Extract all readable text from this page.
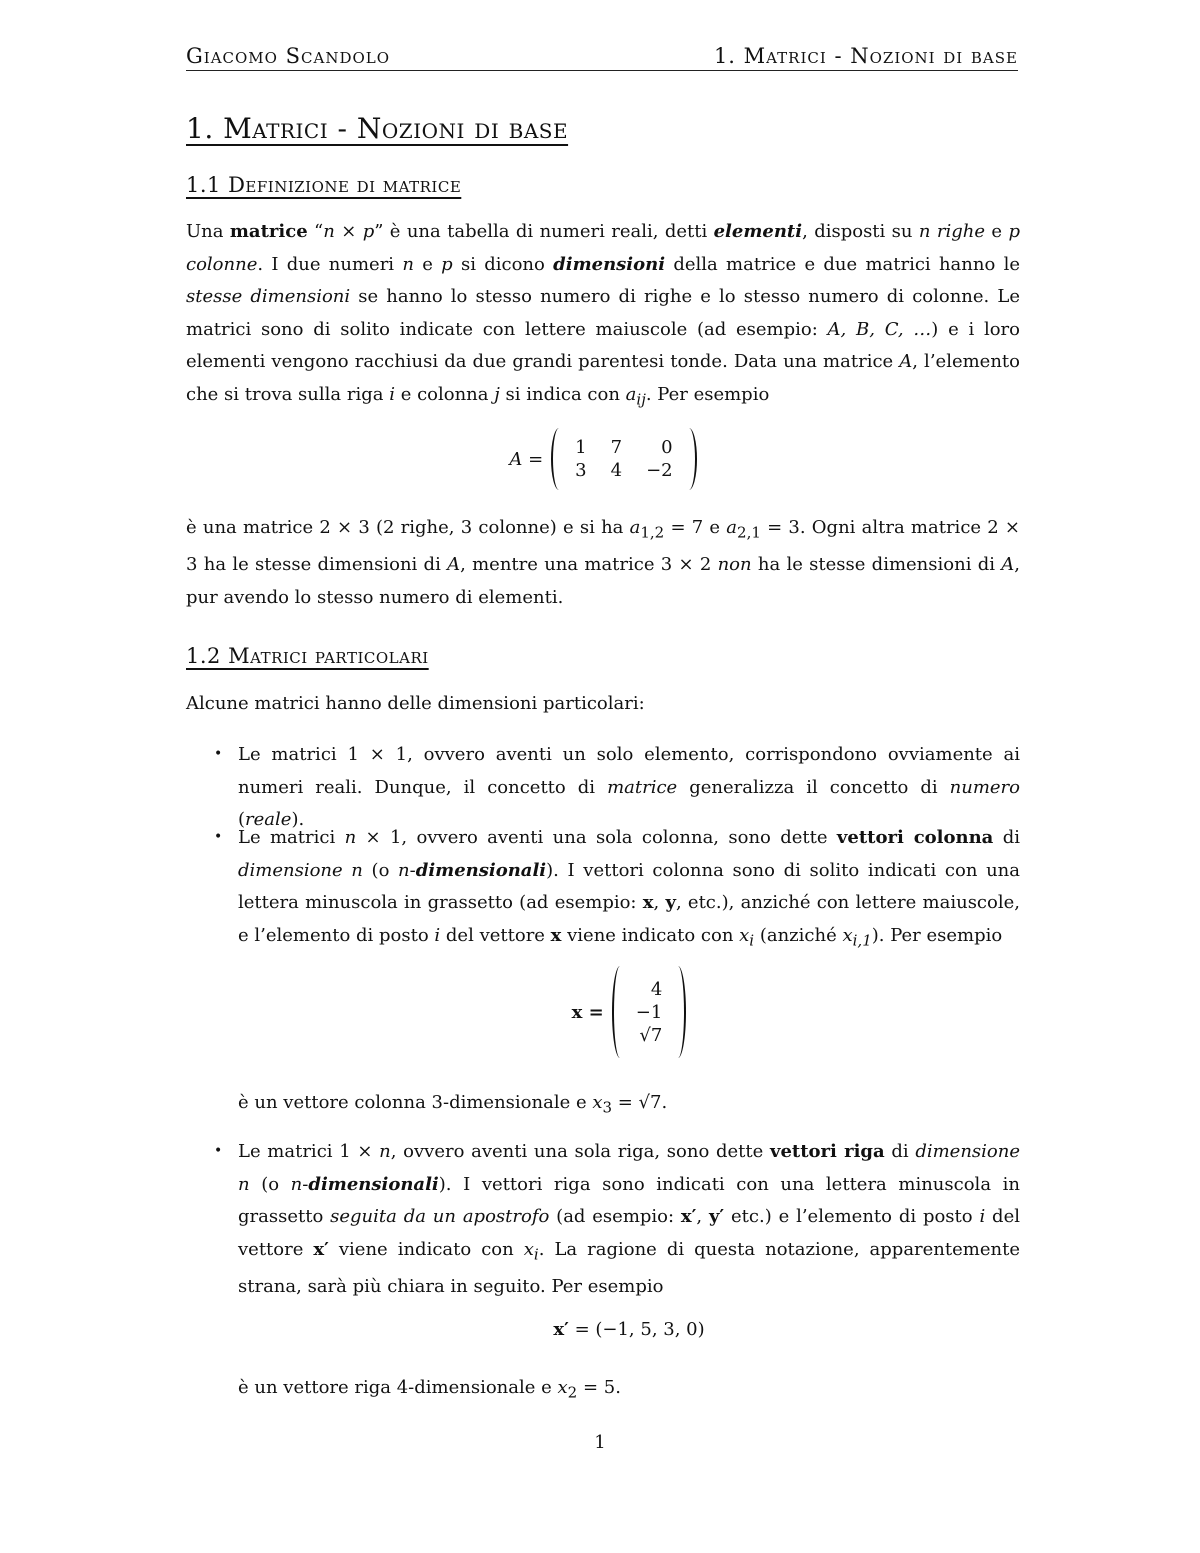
Giacomo Scandolo	1. Matrici - Nozioni di base
1. Matrici - Nozioni di base
1.1 Definizione di matrice

Una matrice “n × p” è una tabella di numeri reali, detti elementi, disposti su n righe e p colonne. I due numeri n e p si dicono dimensioni della matrice e due matrici hanno le stesse dimensioni se hanno lo stesso numero di righe e lo stesso numero di colonne. Le matrici sono di solito indicate con lettere maiuscole (ad esempio: A, B, C, …) e i loro elementi vengono racchiusi da due grandi parentesi tonde. Data una matrice A, l’elemento che si trova sulla riga i e colonna j si indica con $a_{ij}$. Per esempio

A =
1 7	0
3 4 −2

è una matrice 2 × 3 (2 righe, 3 colonne) e si ha $a_{1,2} = 7$ e $a_{2,1} = 3$. Ogni altra matrice 2 × 3 ha le stesse dimensioni di A, mentre una matrice 3 × 2 non ha le stesse dimensioni di A, pur avendo lo stesso numero di elementi.

1.2 Matrici particolari

Alcune matrici hanno delle dimensioni particolari:

• Le matrici 1 × 1, ovvero aventi un solo elemento, corrispondono ovviamente ai numeri reali. Dunque, il concetto di matrice generalizza il concetto di numero (reale).

• Le matrici n × 1, ovvero aventi una sola colonna, sono dette vettori colonna di dimensione n (o n-dimensionali). I vettori colonna sono di solito indicati con una lettera minuscola in grassetto (ad esempio: x, y, etc.), anziché con lettere maiuscole, e l’elemento di posto i del vettore x viene indicato con $x_i$ (anziché $x_{i,1}$). Per esempio

x =
4
−1
√7

è un vettore colonna 3-dimensionale e $x_3 = √7$.

• Le matrici 1 × n, ovvero aventi una sola riga, sono dette vettori riga di dimensione n (o n-dimensionali). I vettori riga sono indicati con una lettera minuscola in grassetto seguita da un apostrofo (ad esempio: x′, y′ etc.) e l’elemento di posto i del vettore x′ viene indicato con $x_i$. La ragione di questa notazione, apparentemente strana, sarà più chiara in seguito. Per esempio

x′ = (−1, 5, 3, 0)

è un vettore riga 4-dimensionale e $x_2 = 5$.

1
